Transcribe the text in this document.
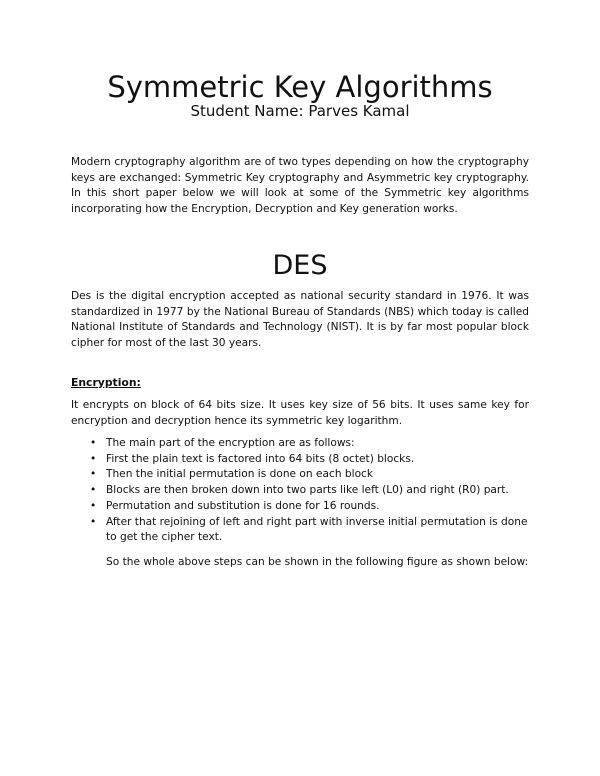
Symmetric Key Algorithms

Student Name: Parves Kamal

Modern cryptography algorithm are of two types depending on how the cryptography keys are exchanged: Symmetric Key cryptography and Asymmetric key cryptography. In this short paper below we will look at some of the Symmetric key algorithms incorporating how the Encryption, Decryption and Key generation works.

DES

Des is the digital encryption accepted as national security standard in 1976. It was standardized in 1977 by the National Bureau of Standards (NBS) which today is called National Institute of Standards and Technology (NIST). It is by far most popular block cipher for most of the last 30 years.

Encryption:

It encrypts on block of 64 bits size. It uses key size of 56 bits. It uses same key for encryption and decryption hence its symmetric key logarithm.

• The main part of the encryption are as follows:
• First the plain text is factored into 64 bits (8 octet) blocks.
• Then the initial permutation is done on each block
• Blocks are then broken down into two parts like left (L0) and right (R0) part.
• Permutation and substitution is done for 16 rounds.
• After that rejoining of left and right part with inverse initial permutation is done to get the cipher text.

So the whole above steps can be shown in the following figure as shown below:
